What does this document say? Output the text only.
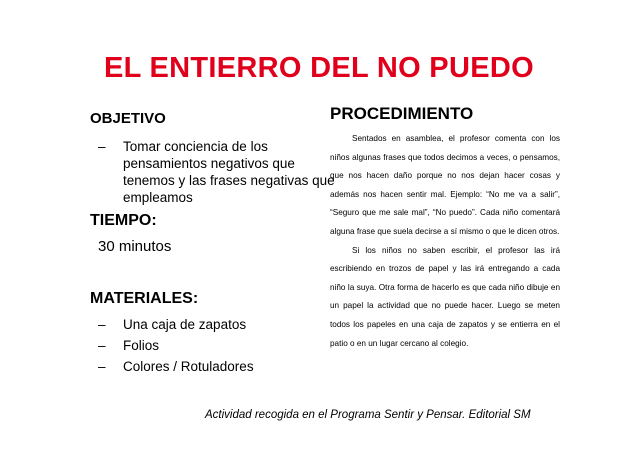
EL ENTIERRO DEL NO PUEDO
OBJETIVO
– Tomar conciencia de los pensamientos negativos que tenemos y las frases negativas que empleamos
TIEMPO:
30 minutos
MATERIALES:
– Una caja de zapatos
– Folios
– Colores / Rotuladores
PROCEDIMIENTO

Sentados en asamblea, el profesor comenta con los niños algunas frases que todos decimos a veces, o pensamos, que nos hacen daño porque no nos dejan hacer cosas y además nos hacen sentir mal. Ejemplo: “No me va a salir”, “Seguro que me sale mal”, “No puedo”. Cada niño comentará alguna frase que suela decirse a sí mismo o que le dicen otros.

Si los niños no saben escribir, el profesor las irá escribiendo en trozos de papel y las irá entregando a cada niño la suya. Otra forma de hacerlo es que cada niño dibuje en un papel la actividad que no puede hacer. Luego se meten todos los papeles en una caja de zapatos y se entierra en el patio o en un lugar cercano al colegio.

Actividad recogida en el Programa Sentir y Pensar. Editorial SM
